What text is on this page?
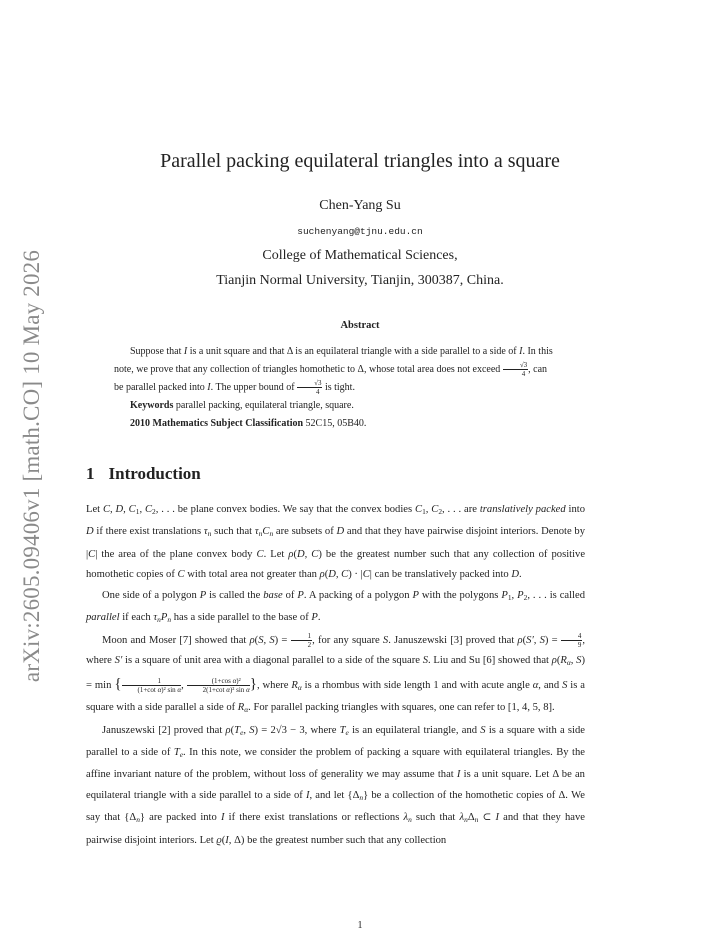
arXiv:2605.09406v1 [math.CO] 10 May 2026
Parallel packing equilateral triangles into a square
Chen-Yang Su
suchenyang@tjnu.edu.cn
College of Mathematical Sciences,
Tianjin Normal University, Tianjin, 300387, China.
Abstract

Suppose that I is a unit square and that Δ is an equilateral triangle with a side parallel to a side of I. In this note, we prove that any collection of triangles homothetic to Δ, whose total area does not exceed $\frac{√3}{4}$ , can be parallel packed into I. The upper bound of $\frac{√3}{4}$ is tight.

Keywords parallel packing, equilateral triangle, square.

2010 Mathematics Subject Classification 52C15, 05B40.

1 Introduction

Let C, D, $C_1$, $C_2$, . . . be plane convex bodies. We say that the convex bodies $C_1$, $C_2$, . . . are translatively packed into D if there exist translations $\tau_n$ such that $\tau_nC_n$ are subsets of D and that they have pairwise disjoint interiors. Denote by |C| the area of the plane convex body C. Let ρ(D, C) be the greatest number such that any collection of positive homothetic copies of C with total area not greater than ρ(D, C) · |C| can be translatively packed into D.

One side of a polygon P is called the base of P. A packing of a polygon P with the polygons $P_1$, $P_2$, . . . is called parallel if each $\tau_nP_n$ has a side parallel to the base of P.

Moon and Moser [7] showed that ρ(S, $S) = \frac{1}{2}$ , for any square S. Januszewski [3] proved that ρ(S′, $S) = \frac{4}{9}$ , where S′ is a square of unit area with a diagonal parallel to a side of the square S. Liu and Su [6] showed that $\rho(R_\alpha$, S) = min { $\frac{1}{\text{(1+cot α)² sin α}}$ , $\frac{\text{(1+cos α)²}}{\text{2(1+cot α)² sin α}}$ }, where $R_\alpha$ is a rhombus with side length 1 and with acute angle α, and S is a square with a side parallel a side of $R_\alpha$. For parallel packing triangles with squares, one can refer to [1, 4, 5, 8].

Januszewski [2] proved that $\rho(T_e$, S) = 2√3 − 3, where $T_e$ is an equilateral triangle, and S is a square with a side parallel to a side of $T_e$. In this note, we consider the problem of packing a square with equilateral triangles. By the affine invariant nature of the problem, without loss of generality we may assume that I is a unit square. Let Δ be an equilateral triangle with a side parallel to a side of I, and let $\{\Delta_n\}$ be a collection of the homothetic copies of Δ. We say that $\{\Delta_n\}$ are packed into I if there exist translations or reflections $\lambda_n$ such that $\lambda_n\Delta_n$ ⊂ I and that they have pairwise disjoint interiors. Let ϱ(I, Δ) be the greatest number such that any collection

1
